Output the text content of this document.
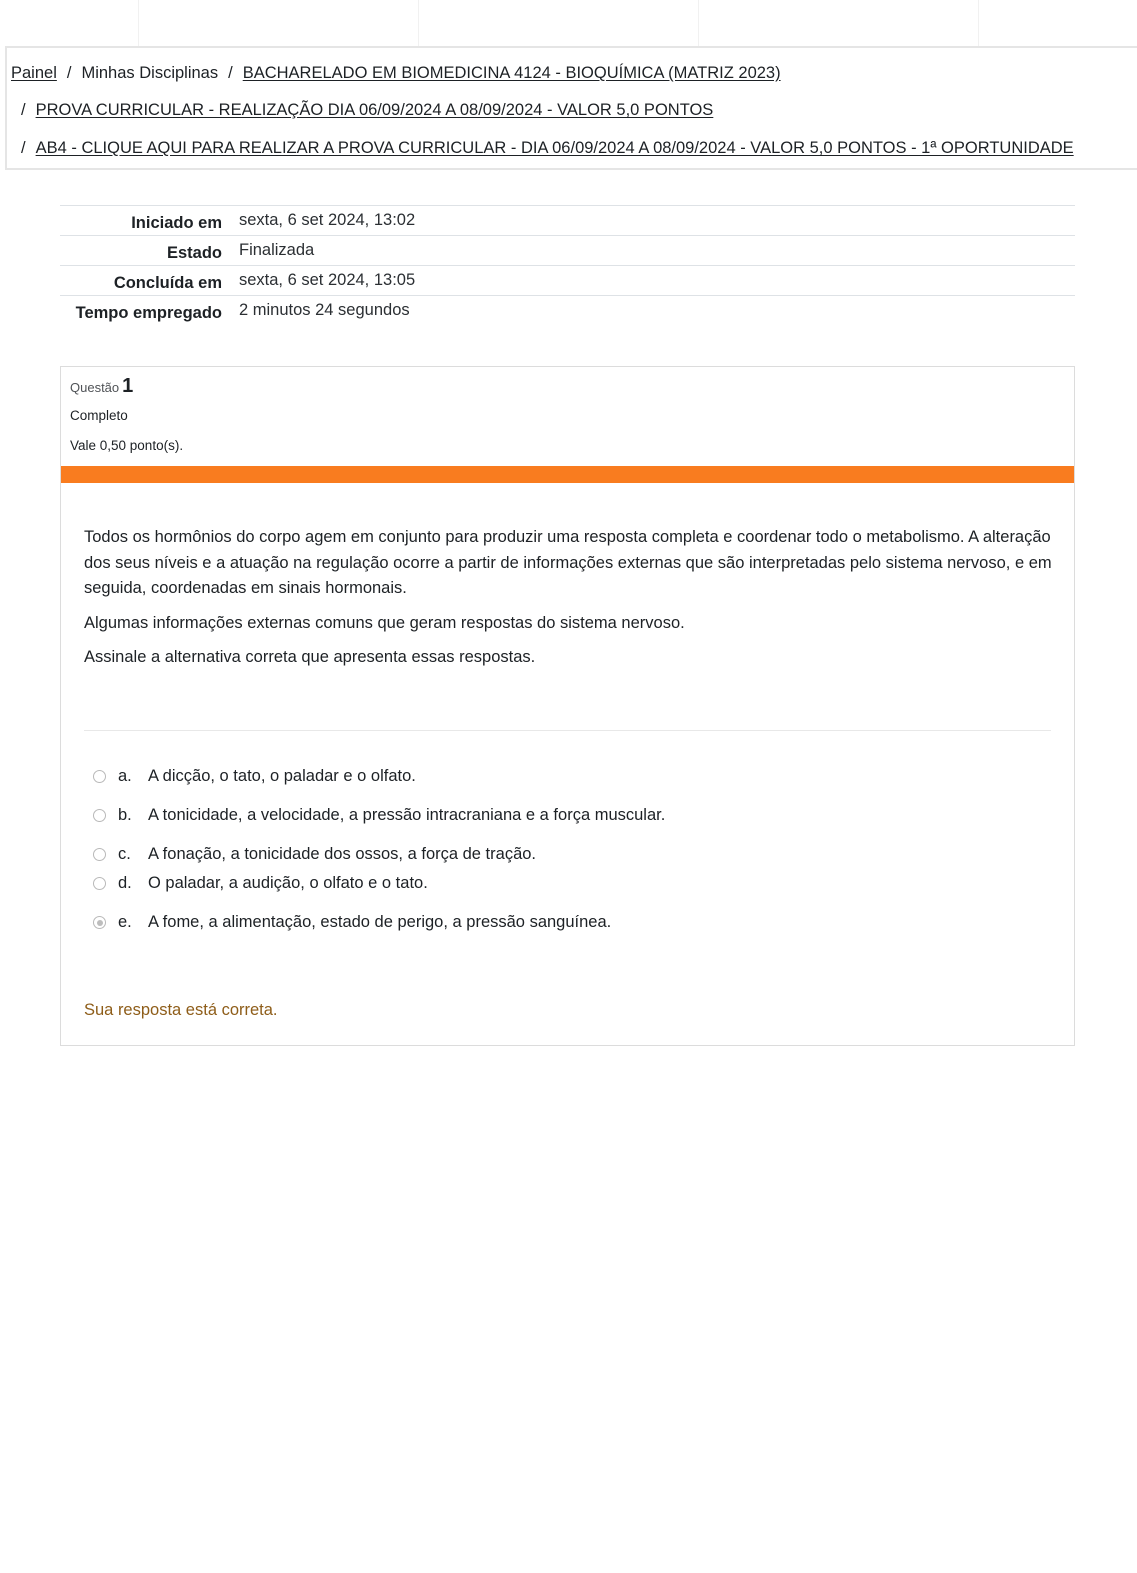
Painel / Minhas Disciplinas / BACHARELADO EM BIOMEDICINA 4124 - BIOQUÍMICA (MATRIZ 2023)
/ PROVA CURRICULAR - REALIZAÇÃO DIA 06/09/2024 A 08/09/2024 - VALOR 5,0 PONTOS
/ AB4 - CLIQUE AQUI PARA REALIZAR A PROVA CURRICULAR - DIA 06/09/2024 A 08/09/2024 - VALOR 5,0 PONTOS - 1ª OPORTUNIDADE
Iniciado em sexta, 6 set 2024, 13:02
Estado Finalizada
Concluída em sexta, 6 set 2024, 13:05
Tempo empregado 2 minutos 24 segundos
Questão 1
Completo
Vale 0,50 ponto(s).

Todos os hormônios do corpo agem em conjunto para produzir uma resposta completa e coordenar todo o metabolismo. A alteração dos seus níveis e a atuação na regulação ocorre a partir de informações externas que são interpretadas pelo sistema nervoso, e em seguida, coordenadas em sinais hormonais.

Algumas informações externas comuns que geram respostas do sistema nervoso.

Assinale a alternativa correta que apresenta essas respostas.

a. A dicção, o tato, o paladar e o olfato.
b. A tonicidade, a velocidade, a pressão intracraniana e a força muscular.
c. A fonação, a tonicidade dos ossos, a força de tração.
d. O paladar, a audição, o olfato e o tato.
e. A fome, a alimentação, estado de perigo, a pressão sanguínea.
Sua resposta está correta.
